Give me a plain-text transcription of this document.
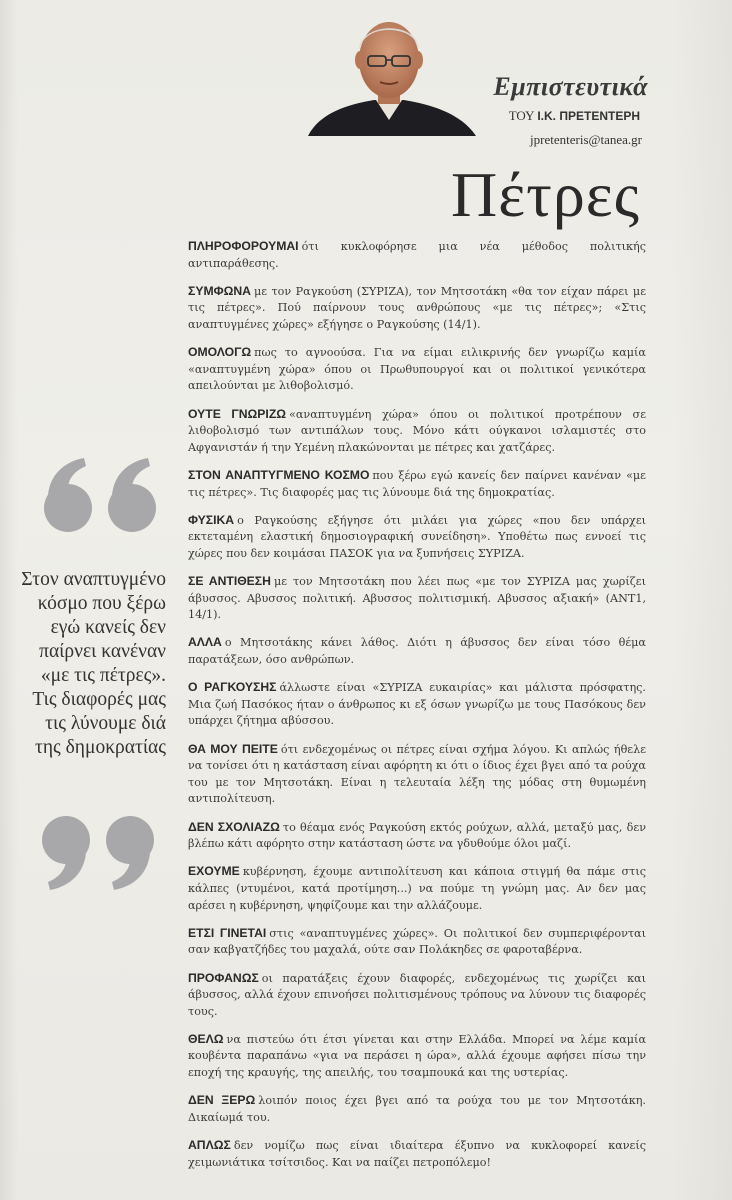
Εμπιστευτικά
ΤΟΥ Ι.Κ. ΠΡΕΤΕΝΤΕΡΗ
jpretenteris@tanea.gr
Πέτρες
Στον αναπτυγμένο κόσμο που ξέρω εγώ κανείς δεν παίρνει κανέναν «με τις πέτρες». Τις διαφορές μας τις λύνουμε διά της δημοκρατίας

ΠΛΗΡΟΦΟΡΟΥΜΑΙ ότι κυκλοφόρησε μια νέα μέθοδος πολιτικής αντιπαράθεσης.

ΣΥΜΦΩΝΑ με τον Ραγκούση (ΣΥΡΙΖΑ), τον Μητσοτάκη «θα τον είχαν πάρει με τις πέτρες». Πού παίρνουν τους ανθρώπους «με τις πέτρες»; «Στις αναπτυγμένες χώρες» εξήγησε ο Ραγκούσης (14/1).

ΟΜΟΛΟΓΩ πως το αγνοούσα. Για να είμαι ειλικρινής δεν γνωρίζω καμία «αναπτυγμένη χώρα» όπου οι Πρωθυπουργοί και οι πολιτικοί γενικότερα απειλούνται με λιθοβολισμό.

ΟΥΤΕ ΓΝΩΡΙΖΩ «αναπτυγμένη χώρα» όπου οι πολιτικοί προτρέπουν σε λιθοβολισμό των αντιπάλων τους. Μόνο κάτι ούγκανοι ισλαμιστές στο Αφγανιστάν ή την Υεμένη πλακώνονται με πέτρες και χατζάρες.

ΣΤΟΝ ΑΝΑΠΤΥΓΜΕΝΟ ΚΟΣΜΟ που ξέρω εγώ κανείς δεν παίρνει κανέναν «με τις πέτρες». Τις διαφορές μας τις λύνουμε διά της δημοκρατίας.

ΦΥΣΙΚΑ ο Ραγκούσης εξήγησε ότι μιλάει για χώρες «που δεν υπάρχει εκτεταμένη ελαστική δημοσιογραφική συνείδηση». Υποθέτω πως εννοεί τις χώρες που δεν κοιμάσαι ΠΑΣΟΚ για να ξυπνήσεις ΣΥΡΙΖΑ.

ΣΕ ΑΝΤΙΘΕΣΗ με τον Μητσοτάκη που λέει πως «με τον ΣΥΡΙΖΑ μας χωρίζει άβυσσος. Αβυσσος πολιτική. Αβυσσος πολιτισμική. Αβυσσος αξιακή» (ΑΝΤ1, 14/1).

ΑΛΛΑ ο Μητσοτάκης κάνει λάθος. Διότι η άβυσσος δεν είναι τόσο θέμα παρατάξεων, όσο ανθρώπων.

Ο ΡΑΓΚΟΥΣΗΣ άλλωστε είναι «ΣΥΡΙΖΑ ευκαιρίας» και μάλιστα πρόσφατης. Μια ζωή Πασόκος ήταν ο άνθρωπος κι εξ όσων γνωρίζω με τους Πασόκους δεν υπάρχει ζήτημα αβύσσου.

ΘΑ ΜΟΥ ΠΕΙΤΕ ότι ενδεχομένως οι πέτρες είναι σχήμα λόγου. Κι απλώς ήθελε να τονίσει ότι η κατάσταση είναι αφόρητη κι ότι ο ίδιος έχει βγει από τα ρούχα του με τον Μητσοτάκη. Είναι η τελευταία λέξη της μόδας στη θυμωμένη αντιπολίτευση.

ΔΕΝ ΣΧΟΛΙΑΖΩ το θέαμα ενός Ραγκούση εκτός ρούχων, αλλά, μεταξύ μας, δεν βλέπω κάτι αφόρητο στην κατάσταση ώστε να γδυθούμε όλοι μαζί.

ΕΧΟΥΜΕ κυβέρνηση, έχουμε αντιπολίτευση και κάποια στιγμή θα πάμε στις κάλπες (ντυμένοι, κατά προτίμηση...) να πούμε τη γνώμη μας. Αν δεν μας αρέσει η κυβέρνηση, ψηφίζουμε και την αλλάζουμε.

ΕΤΣΙ ΓΙΝΕΤΑΙ στις «αναπτυγμένες χώρες». Οι πολιτικοί δεν συμπεριφέρονται σαν καβγατζήδες του μαχαλά, ούτε σαν Πολάκηδες σε φαροταβέρνα.

ΠΡΟΦΑΝΩΣ οι παρατάξεις έχουν διαφορές, ενδεχομένως τις χωρίζει και άβυσσος, αλλά έχουν επινοήσει πολιτισμένους τρόπους να λύνουν τις διαφορές τους.

ΘΕΛΩ να πιστεύω ότι έτσι γίνεται και στην Ελλάδα. Μπορεί να λέμε καμία κουβέντα παραπάνω «για να περάσει η ώρα», αλλά έχουμε αφήσει πίσω την εποχή της κραυγής, της απειλής, του τσαμπουκά και της υστερίας.

ΔΕΝ ΞΕΡΩ λοιπόν ποιος έχει βγει από τα ρούχα του με τον Μητσοτάκη. Δικαίωμά του.

ΑΠΛΩΣ δεν νομίζω πως είναι ιδιαίτερα έξυπνο να κυκλοφορεί κανείς χειμωνιάτικα τσίτσιδος. Και να παίζει πετροπόλεμο!
